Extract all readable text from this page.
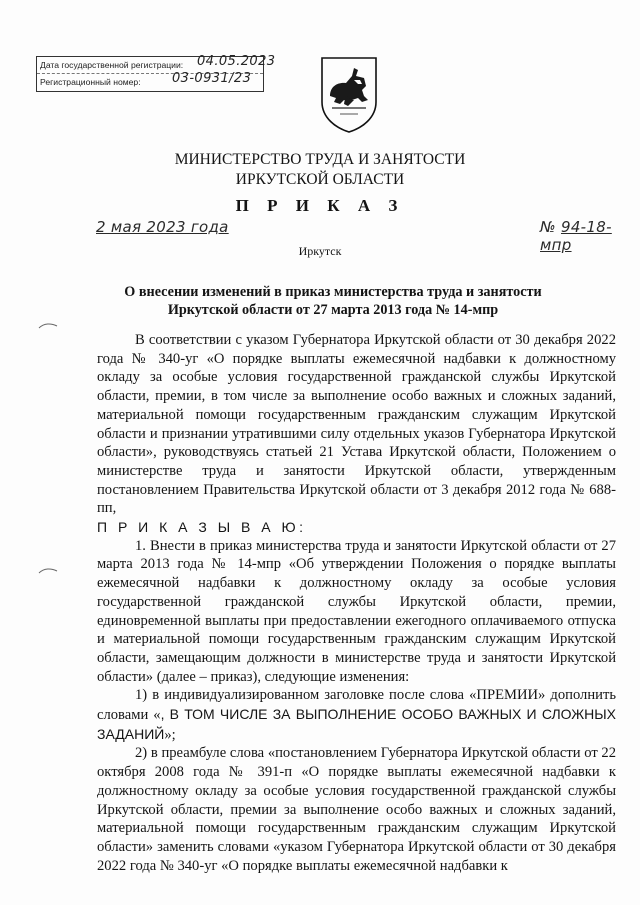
Дата государственной регистрации: 04.05.2023
Регистрационный номер: 03-0931/23
МИНИСТЕРСТВО ТРУДА И ЗАНЯТОСТИ
ИРКУТСКОЙ ОБЛАСТИ
П Р И К А З
2 мая 2023 года	№ 94-18-мпр
Иркутск
О внесении изменений в приказ министерства труда и занятости
Иркутской области от 27 марта 2013 года № 14-мпр

В соответствии с указом Губернатора Иркутской области от 30 декабря 2022 года № 340-уг «О порядке выплаты ежемесячной надбавки к должностному окладу за особые условия государственной гражданской службы Иркутской области, премии, в том числе за выполнение особо важных и сложных заданий, материальной помощи государственным гражданским служащим Иркутской области и признании утратившими силу отдельных указов Губернатора Иркутской области», руководствуясь статьей 21 Устава Иркутской области, Положением о министерстве труда и занятости Иркутской области, утвержденным постановлением Правительства Иркутской области от 3 декабря 2012 года № 688-пп,

П Р И К А З Ы В А Ю:

1. Внести в приказ министерства труда и занятости Иркутской области от 27 марта 2013 года № 14-мпр «Об утверждении Положения о порядке выплаты ежемесячной надбавки к должностному окладу за особые условия государственной гражданской службы Иркутской области, премии, единовременной выплаты при предоставлении ежегодного оплачиваемого отпуска и материальной помощи государственным гражданским служащим Иркутской области, замещающим должности в министерстве труда и занятости Иркутской области» (далее – приказ), следующие изменения:

1) в индивидуализированном заголовке после слова «ПРЕМИИ» дополнить словами «, В ТОМ ЧИСЛЕ ЗА ВЫПОЛНЕНИЕ ОСОБО ВАЖНЫХ И СЛОЖНЫХ ЗАДАНИЙ»;

2) в преамбуле слова «постановлением Губернатора Иркутской области от 22 октября 2008 года № 391-п «О порядке выплаты ежемесячной надбавки к должностному окладу за особые условия государственной гражданской службы Иркутской области, премии за выполнение особо важных и сложных заданий, материальной помощи государственным гражданским служащим Иркутской области» заменить словами «указом Губернатора Иркутской области от 30 декабря 2022 года № 340-уг «О порядке выплаты ежемесячной надбавки к
